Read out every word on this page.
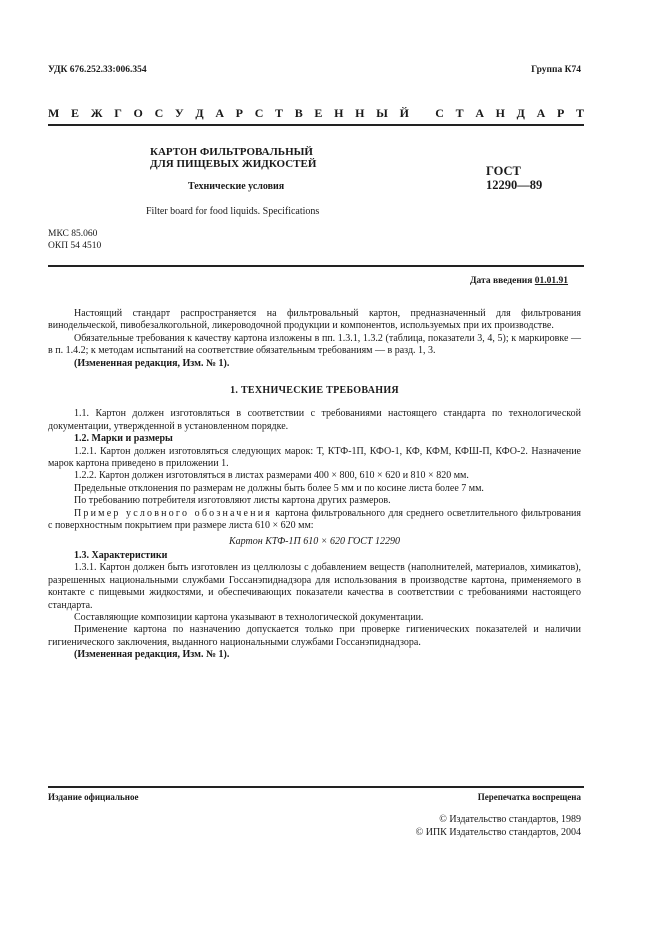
УДК 676.252.33:006.354	Группа К74
М Е Ж Г О С У Д А Р С Т В Е Н Н Ы Й
С Т А Н Д А Р Т
КАРТОН ФИЛЬТРОВАЛЬНЫЙ
ДЛЯ ПИЩЕВЫХ ЖИДКОСТЕЙ
Технические условия
Filter board for food liquids. Specifications
ГОСТ
12290—89
МКС 85.060
ОКП 54 4510
Дата введения 01.01.91

Настоящий стандарт распространяется на фильтровальный картон, предназначенный для фильтрования винодельческой, пивобезалкогольной, ликероводочной продукции и компонентов, используемых при их производстве.

Обязательные требования к качеству картона изложены в пп. 1.3.1, 1.3.2 (таблица, показатели 3, 4, 5); к маркировке — в п. 1.4.2; к методам испытаний на соответствие обязательным требованиям — в разд. 1, 3.

(Измененная редакция, Изм. № 1).

1. ТЕХНИЧЕСКИЕ ТРЕБОВАНИЯ

1.1. Картон должен изготовляться в соответствии с требованиями настоящего стандарта по технологической документации, утвержденной в установленном порядке.

1.2. Марки и размеры

1.2.1. Картон должен изготовляться следующих марок: Т, КТФ-1П, КФО-1, КФ, КФМ, КФШ-П, КФО-2. Назначение марок картона приведено в приложении 1.

1.2.2. Картон должен изготовляться в листах размерами 400 × 800, 610 × 620 и 810 × 820 мм.

Предельные отклонения по размерам не должны быть более 5 мм и по косине листа более 7 мм.

По требованию потребителя изготовляют листы картона других размеров.

Пример условного обозначения картона фильтровального для среднего осветлительного фильтрования с поверхностным покрытием при размере листа 610 × 620 мм:

Картон КТФ-1П 610 × 620 ГОСТ 12290

1.3. Характеристики

1.3.1. Картон должен быть изготовлен из целлюлозы с добавлением веществ (наполнителей, материалов, химикатов), разрешенных национальными службами Госсанэпиднадзора для использования в производстве картона, применяемого в контакте с пищевыми жидкостями, и обеспечивающих показатели качества в соответствии с требованиями настоящего стандарта.

Составляющие композиции картона указывают в технологической документации.

Применение картона по назначению допускается только при проверке гигиенических показателей и наличии гигиенического заключения, выданного национальными службами Госсанэпиднадзора.

(Измененная редакция, Изм. № 1).

Издание официальное	Перепечатка воспрещена
© Издательство стандартов, 1989
© ИПК Издательство стандартов, 2004
